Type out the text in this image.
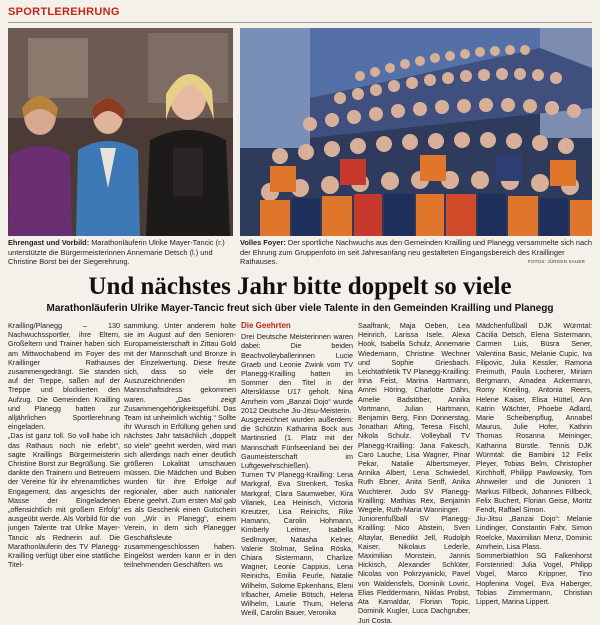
SPORTLEREHRUNG
Ehrengast und Vorbild: Marathonläuferin Ulrike Mayer-Tancic (r.) unterstützte die Bürgermeisterinnen Annemarie Detsch (l.) und Christine Borst bei der Siegerehrung.
Volles Foyer: Der sportliche Nachwuchs aus den Gemeinden Krailling und Planegg versammelte sich nach der Ehrung zum Gruppenfoto im seit Jahresanfang neu gestalteten Eingangsbereich des Kraillinger Rathauses.	FOTOS: JÜRGEN SAUER
Und nächstes Jahr bitte doppelt so viele
Marathonläuferin Ulrike Mayer-Tancic freut sich über viele Talente in den Gemeinden Krailling und Planegg

Krailling/Planegg – 130 Nachwuchssportler, ihre Eltern, Großeltern und Trainer haben sich am Mittwochabend im Foyer des Kraillinger Rathauses zusammengedrängt. Sie standen auf der Treppe, saßen auf der Treppe und blockierten den Aufzug. Die Gemeinden Krailling und Planegg hatten zur alljährlichen Sportlerehrung eingeladen.

„Das ist ganz toll. So voll habe ich das Rathaus noch nie erlebt“, sagte Kraillings Bürgermeisterin Christine Borst zur Begrüßung. Sie dankte den Trainern und Betreuern der Vereine für ihr ehrenamtliches Engagement, das angesichts der Masse der Eingeladenen „offensichtlich mit großem Erfolg“ ausgeübt werde. Als Vorbild für die jungen Talente trat Ulrike Mayer-Tancic als Rednerin auf. Die Marathonläuferin des TV Planegg-Krailling verfügt über eine stattliche Titel-

sammlung. Unter anderem holte sie im August auf den Senioren-Europameisterschaft in Zittau Gold mit der Mannschaft und Bronze in der Einzelwertung. Diese freute sich, dass so viele der Auszuzeichnenden im Mannschaftsdress gekommen waren. „Das zeigt Zusammengehörigkeitsgefühl. Das Team ist unheimlich wichtig.“ Sollte ihr Wunsch in Erfüllung gehen und nächstes Jahr tatsächlich „doppelt so viele“ geehrt werden, wird man sich allerdings nach einer deutlich größeren Lokalität umschauen müssen. Die Mädchen und Buben wurden für ihre Erfolge auf regionaler, aber auch nationaler Ebene geehrt. Zum ersten Mal gab es als Geschenk einen Gutschein von „Wir in Planegg“, einem Verein, in dem sich Planegger Geschäftsleute zusammengeschlossen haben. Eingelöst werden kann er in den teilnehmenden Geschäften. ws

Die Geehrten

Drei Deutsche Meisterinnen waren dabei: Die beiden Beachvolleyballerinnen Lucie Graeb und Leonie Zwink vom TV Planegg-Krailling hatten im Sommer den Titel in der Altersklasse U17 geholt. Nina Amrhein vom „Banzai Dojo“ wurde 2012 Deutsche Jiu-Jitsu-Meisterin.

Ausgezeichnet wurden außerdem: die Schützin Katharina Bock aus Martinsried (1. Platz mit der Mannschaft Fünfseenland bei der Gaumeisterschaft im Luftgewehrschießen).

Turnen TV Planegg-Krailling: Lena Markgraf, Eva Strenkert, Toska Markgraf, Clara Saumweber, Kira Vilanek, Lea Heinisch, Victoria Kreutzer, Lisa Reinichs, Rike Hamann, Carolin Hohmann, Kimberly Leitner, Isabella Sedlmayer, Natasha Kelner, Valerie Stolmar, Selina Röska, Chiara Sistermann, Charlize Wagner, Leonie Cappius, Lena Reinichs, Emilia Feurle, Natalie Wilhelm, Solome Epkenhans, Eleni Irlbacher, Amelie Bötsch, Helena Wilhelm, Laurie Thum, Helena Weill, Carolin Bauer, Veronika

Saalfrank, Maja Oeben, Lea Heinrich, Larissa Isele, Alexa Hook, Isabella Schulz, Annemarie Wiedemann, Christine Wechner und Sophie Griesbach. Leichtathletik TV Planegg-Krailling: Irina Feist, Marina Hartmann, Amrei Höring, Charlotte Dähn, Amelie Badstöber, Annika Vortmann, Julian Hartmann, Benjamin Berg, Finn Donnerstag, Jonathan Afting, Teresa Fischl, Nikola Schulz. Volleyball TV Planegg-Krailling: Jana Fakesch, Caro Lauche, Lisa Wagner, Pinar Pekar, Natalie Albertsmeyer, Annika Albert, Lena Schwiedel, Ruth Ebner, Anita Senff, Anika Wuchterer. Judo SV Planegg-Krailling: Mathias Rex, Benjamin Wegele, Ruth-Maria Wanninger.

Juniorenfußball SV Planegg-Krailling: Nico Abstein, Sven Altaylar, Benedikt Jell, Rudolph Kaiser, Nikolaus Lederle, Maximilian Monstein, Jannis Hickisch, Alexander Schlüter, Nicolas von Pokrzywnicki, Pavel von Waldensfels, Dominik Lovric, Elias Fleddermann, Niklas Probst, Ata Kamaldar, Florian Topic, Dominik Kugler, Luca Dachgruber, Juri Costa.

Mädchenfußball DJK Würmtal: Cäcilia Detsch, Elena Sistermann, Carmen Luis, Büsra Sener, Valentina Basic, Melanie Cupic, Iva Filipovic, Julia Kessler, Ramona Freimuth, Paula Locherer, Miriam Bergmann, Amadea Ackermann, Romy Kneiling, Antonia Reers, Helene Kaiser, Elisa Hüttel, Ann Katrin Wächter, Phoebe Adlard, Marie Scheibenpflug, Annabel Maurus, Julie Hofer, Kathrin Thomas Rosanna Meininger, Katharina Bürstle. Tennis DJK Würmtal: die Bambini 12 Felix Pleyer, Tobias Belm, Christopher Kirchhoff, Philipp Pawlowsky, Tom Ahnweiler und die Junioren 1 Markus Fillbeck, Johannes Fillbeck, Felix Buchert, Florian Geise, Moritz Fendt, Raffael Simon.

Jiu-Jitsu „Banzai Dojo“: Melanie Lindinger, Constantin Fahr, Simon Roelcke, Maximilian Menz, Dominic Amrhein, Lisa Plass.

Sommerbiathlon SG Falkenhorst Forstenried: Julia Vogel, Philipp Vogel, Marco Krippner, Tino Hopfenina Vogel, Eva Haberger, Tobias Zimmermann, Christian Lippert, Marina Lippert.
